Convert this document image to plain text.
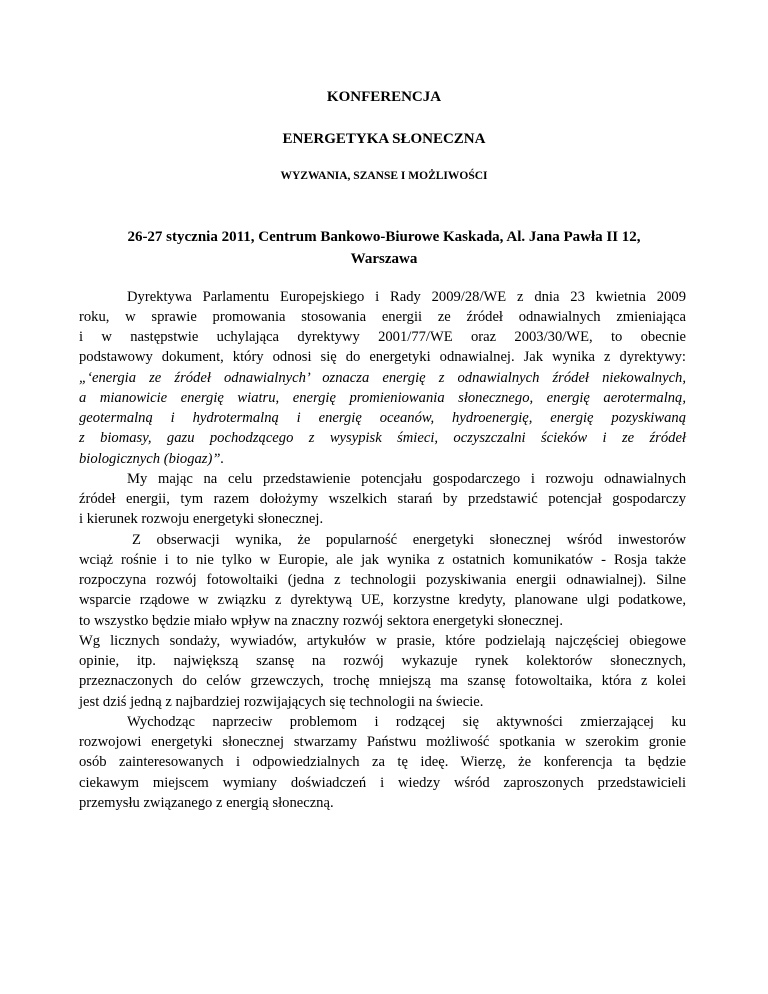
KONFERENCJA
ENERGETYKA SŁONECZNA
WYZWANIA, SZANSE I MOŻLIWOŚCI
26-27 stycznia 2011, Centrum Bankowo-Biurowe Kaskada, Al. Jana Pawła II 12,
Warszawa
Dyrektywa Parlamentu Europejskiego i Rady 2009/28/WE z dnia 23 kwietnia 2009
roku, w sprawie promowania stosowania energii ze źródeł odnawialnych zmieniająca
i w następstwie uchylająca dyrektywy 2001/77/WE oraz 2003/30/WE, to obecnie
podstawowy dokument, który odnosi się do energetyki odnawialnej. Jak wynika z dyrektywy:
„‘energia ze źródeł odnawialnych’ oznacza energię z odnawialnych źródeł niekowalnych,
a mianowicie energię wiatru, energię promieniowania słonecznego, energię aerotermalną,
geotermalną i hydrotermalną i energię oceanów, hydroenergię, energię pozyskiwaną
z biomasy, gazu pochodzącego z wysypisk śmieci, oczyszczalni ścieków i ze źródeł
biologicznych (biogaz)”.
My mając na celu przedstawienie potencjału gospodarczego i rozwoju odnawialnych
źródeł energii, tym razem dołożymy wszelkich starań by przedstawić potencjał gospodarczy
i kierunek rozwoju energetyki słonecznej.
Z obserwacji wynika, że popularność energetyki słonecznej wśród inwestorów
wciąż rośnie i to nie tylko w Europie, ale jak wynika z ostatnich komunikatów - Rosja także
rozpoczyna rozwój fotowoltaiki (jedna z technologii pozyskiwania energii odnawialnej). Silne
wsparcie rządowe w związku z dyrektywą UE, korzystne kredyty, planowane ulgi podatkowe,
to wszystko będzie miało wpływ na znaczny rozwój sektora energetyki słonecznej.
Wg licznych sondaży, wywiadów, artykułów w prasie, które podzielają najczęściej obiegowe
opinie, itp. największą szansę na rozwój wykazuje rynek kolektorów słonecznych,
przeznaczonych do celów grzewczych, trochę mniejszą ma szansę fotowoltaika, która z kolei
jest dziś jedną z najbardziej rozwijających się technologii na świecie.
Wychodząc naprzeciw problemom i rodzącej się aktywności zmierzającej ku
rozwojowi energetyki słonecznej stwarzamy Państwu możliwość spotkania w szerokim gronie
osób zainteresowanych i odpowiedzialnych za tę ideę. Wierzę, że konferencja ta będzie
ciekawym miejscem wymiany doświadczeń i wiedzy wśród zaproszonych przedstawicieli
przemysłu związanego z energią słoneczną.
